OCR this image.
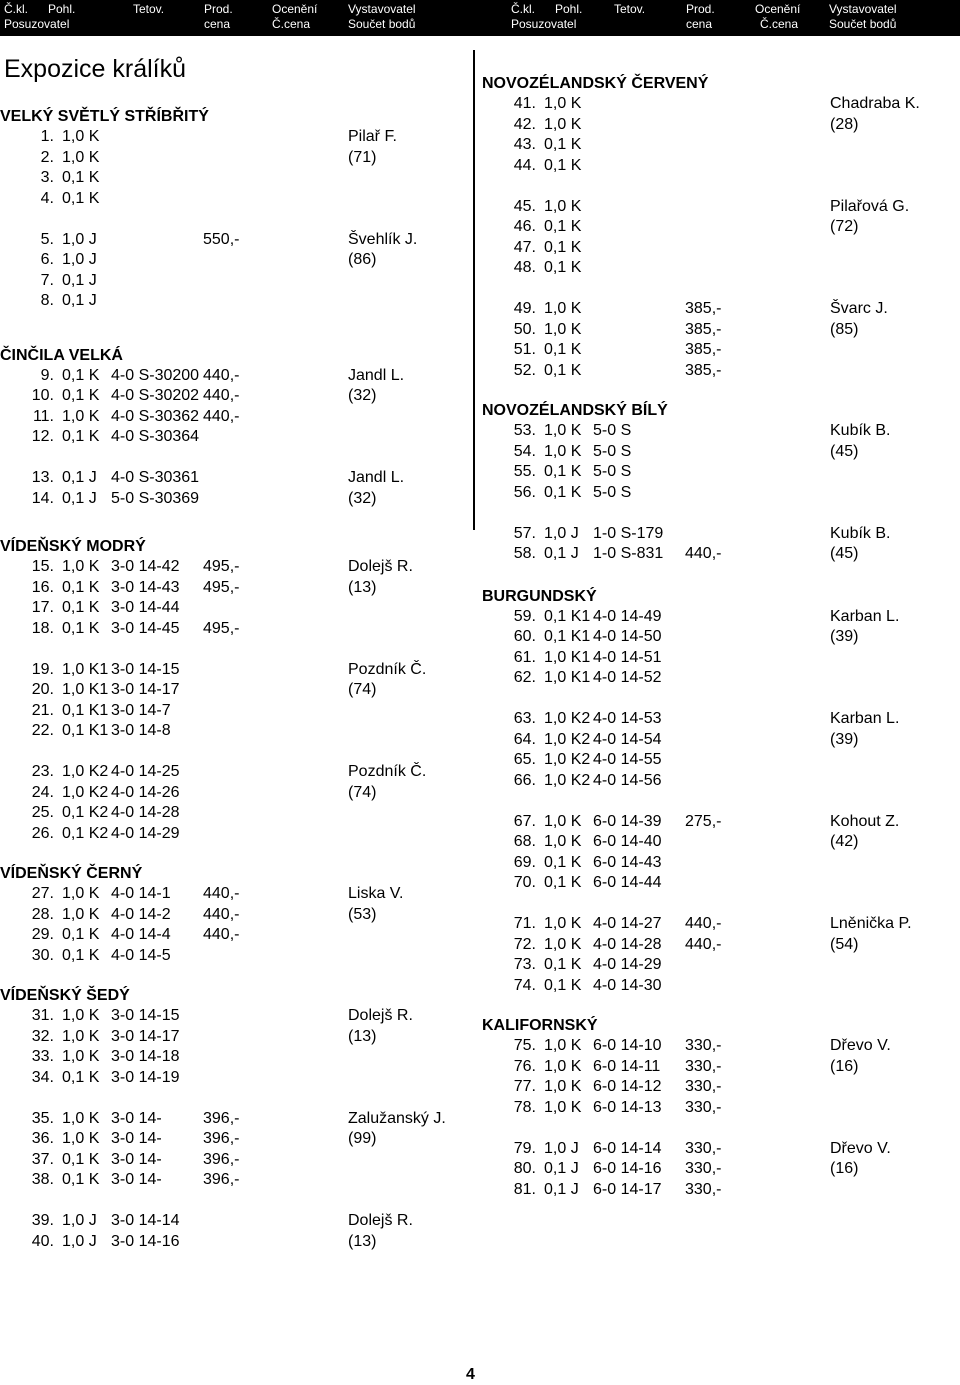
Č.kl. Pohl.	Tetov.	Prod.	Ocenění	Vystavovatel
Posuzovatel	cena	Č.cena	Součet bodů
Č.kl. Pohl.	Tetov.	Prod.	Ocenění Vystavovatel
Posuzovatel	cena	Č.cena	Součet bodů
Expozice králíků
VELKÝ SVĚTLÝ STŘÍBŘITÝ
1. 1,0 K	Pilař F.
2. 1,0 K	(71)
3. 0,1 K
4. 0,1 K
5. 1,0 J	550,-	Švehlík J.
6. 1,0 J	(86)
7. 0,1 J
8. 0,1 J
ČINČILA VELKÁ
9. 0,1 K 4-0 S-30200 440,-	Jandl L.
10. 0,1 K 4-0 S-30202 440,-	(32)
11. 1,0 K 4-0 S-30362 440,-
12. 0,1 K 4-0 S-30364
13. 0,1 J 4-0 S-30361	Jandl L.
14. 0,1 J 5-0 S-30369	(32)
VÍDEŇSKÝ MODRÝ
15. 1,0 K 3-0 14-42 495,-	Dolejš R.
16. 0,1 K 3-0 14-43 495,-	(13)
17. 0,1 K 3-0 14-44
18. 0,1 K 3-0 14-45 495,-
19. 1,0 K1 3-0 14-15	Pozdník Č.
20. 1,0 K1 3-0 14-17	(74)
21. 0,1 K1 3-0 14-7
22. 0,1 K1 3-0 14-8
23. 1,0 K2 4-0 14-25	Pozdník Č.
24. 1,0 K2 4-0 14-26	(74)
25. 0,1 K2 4-0 14-28
26. 0,1 K2 4-0 14-29
VÍDEŇSKÝ ČERNÝ
27. 1,0 K 4-0 14-1 440,-	Liska V.
28. 1,0 K 4-0 14-2 440,-	(53)
29. 0,1 K 4-0 14-4 440,-
30. 0,1 K 4-0 14-5
VÍDEŇSKÝ ŠEDÝ
31. 1,0 K 3-0 14-15	Dolejš R.
32. 1,0 K 3-0 14-17	(13)
33. 1,0 K 3-0 14-18
34. 0,1 K 3-0 14-19
35. 1,0 K 3-0 14-	396,-	Zalužanský J.
36. 1,0 K 3-0 14-	396,-	(99)
37. 0,1 K 3-0 14-	396,-
38. 0,1 K 3-0 14-	396,-
39. 1,0 J 3-0 14-14	Dolejš R.
40. 1,0 J 3-0 14-16	(13)
NOVOZÉLANDSKÝ ČERVENÝ
41. 1,0 K	Chadraba K.
42. 1,0 K	(28)
43. 0,1 K
44. 0,1 K
45. 1,0 K	Pilařová G.
46. 0,1 K	(72)
47. 0,1 K
48. 0,1 K
49. 1,0 K	385,-	Švarc J.
50. 1,0 K	385,-	(85)
51. 0,1 K	385,-
52. 0,1 K	385,-
NOVOZÉLANDSKÝ BÍLÝ
53. 1,0 K 5-0 S	Kubík B.
54. 1,0 K 5-0 S	(45)
55. 0,1 K 5-0 S
56. 0,1 K 5-0 S
57. 1,0 J 1-0 S-179	Kubík B.
58. 0,1 J 1-0 S-831 440,-	(45)
BURGUNDSKÝ
59. 0,1 K1 4-0 14-49	Karban L.
60. 0,1 K1 4-0 14-50	(39)
61. 1,0 K1 4-0 14-51
62. 1,0 K1 4-0 14-52
63. 1,0 K2 4-0 14-53	Karban L.
64. 1,0 K2 4-0 14-54	(39)
65. 1,0 K2 4-0 14-55
66. 1,0 K2 4-0 14-56
67. 1,0 K 6-0 14-39 275,-	Kohout Z.
68. 1,0 K 6-0 14-40	(42)
69. 0,1 K 6-0 14-43
70. 0,1 K 6-0 14-44
71. 1,0 K 4-0 14-27 440,-	Lněnička P.
72. 1,0 K 4-0 14-28 440,-	(54)
73. 0,1 K 4-0 14-29
74. 0,1 K 4-0 14-30
KALIFORNSKÝ
75. 1,0 K 6-0 14-10 330,-	Dřevo V.
76. 1,0 K 6-0 14-11 330,-	(16)
77. 1,0 K 6-0 14-12 330,-
78. 1,0 K 6-0 14-13 330,-
79. 1,0 J 6-0 14-14 330,-	Dřevo V.
80. 0,1 J 6-0 14-16 330,-	(16)
81. 0,1 J 6-0 14-17 330,-
4
